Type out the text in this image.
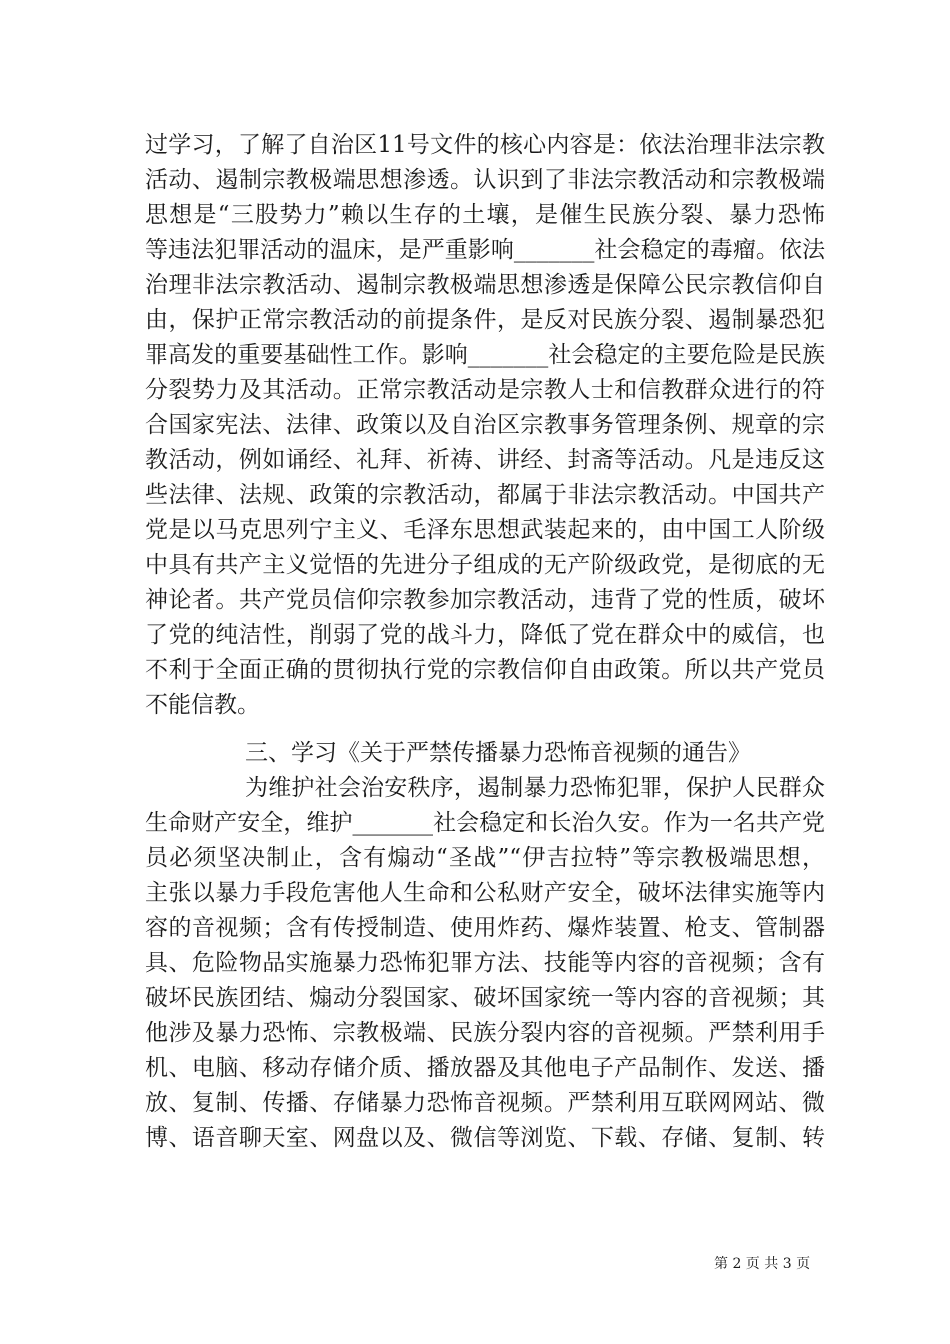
过学习，了解了自治区11号文件的核心内容是：依法治理非法宗教
活动、遏制宗教极端思想渗透。认识到了非法宗教活动和宗教极端
思想是“三股势力”赖以生存的土壤，是催生民族分裂、暴力恐怖
等违法犯罪活动的温床，是严重影响_______社会稳定的毒瘤。依法
治理非法宗教活动、遏制宗教极端思想渗透是保障公民宗教信仰自
由，保护正常宗教活动的前提条件，是反对民族分裂、遏制暴恐犯
罪高发的重要基础性工作。影响_______社会稳定的主要危险是民族
分裂势力及其活动。正常宗教活动是宗教人士和信教群众进行的符
合国家宪法、法律、政策以及自治区宗教事务管理条例、规章的宗
教活动，例如诵经、礼拜、祈祷、讲经、封斋等活动。凡是违反这
些法律、法规、政策的宗教活动，都属于非法宗教活动。中国共产
党是以马克思列宁主义、毛泽东思想武装起来的，由中国工人阶级
中具有共产主义觉悟的先进分子组成的无产阶级政党，是彻底的无
神论者。共产党员信仰宗教参加宗教活动，违背了党的性质，破坏
了党的纯洁性，削弱了党的战斗力，降低了党在群众中的威信，也
不利于全面正确的贯彻执行党的宗教信仰自由政策。所以共产党员
不能信教。
三、学习《关于严禁传播暴力恐怖音视频的通告》
为维护社会治安秩序，遏制暴力恐怖犯罪，保护人民群众
生命财产安全，维护_______社会稳定和长治久安。作为一名共产党
员必须坚决制止，含有煽动“圣战”“伊吉拉特”等宗教极端思想，
主张以暴力手段危害他人生命和公私财产安全，破坏法律实施等内
容的音视频；含有传授制造、使用炸药、爆炸装置、枪支、管制器
具、危险物品实施暴力恐怖犯罪方法、技能等内容的音视频；含有
破坏民族团结、煽动分裂国家、破坏国家统一等内容的音视频；其
他涉及暴力恐怖、宗教极端、民族分裂内容的音视频。严禁利用手
机、电脑、移动存储介质、播放器及其他电子产品制作、发送、播
放、复制、传播、存储暴力恐怖音视频。严禁利用互联网网站、微
博、语音聊天室、网盘以及、微信等浏览、下载、存储、复制、转
第 2 页 共 3 页
